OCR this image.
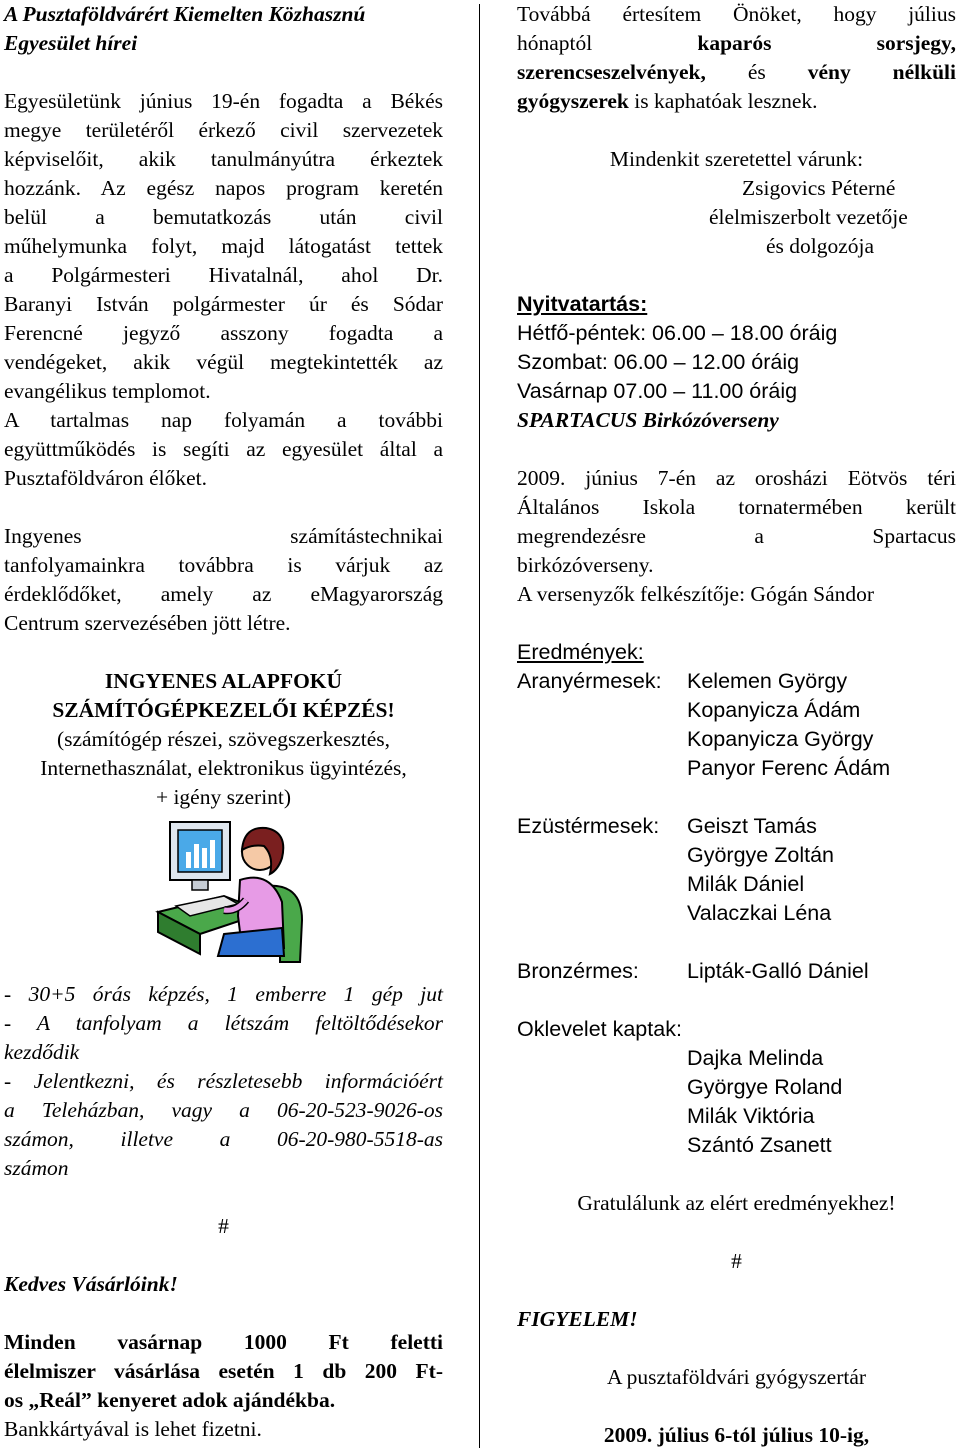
A Pusztaföldvárért Kiemelten Közhasznú

Egyesület hírei

Egyesületünk június 19-én fogadta a Békés

megye területéről érkező civil szervezetek

képviselőit, akik tanulmányútra érkeztek

hozzánk. Az egész napos program keretén

belül a bemutatkozás után civil

műhelymunka folyt, majd látogatást tettek

a Polgármesteri Hivatalnál, ahol Dr.

Baranyi István polgármester úr és Sódar

Ferencné jegyző asszony fogadta a

vendégeket, akik végül megtekintették az

evangélikus templomot.

A tartalmas nap folyamán a további

együttműködés is segíti az egyesület által a

Pusztaföldváron élőket.

Ingyenes számítástechnikai

tanfolyamainkra továbbra is várjuk az

érdeklődőket, amely az eMagyarország

Centrum szervezésében jött létre.

INGYENES ALAPFOKÚ

SZÁMÍTÓGÉPKEZELŐI KÉPZÉS!

(számítógép részei, szövegszerkesztés,

Internethasználat, elektronikus ügyintézés,

+ igény szerint)

- 30+5 órás képzés, 1 emberre 1 gép jut

- A tanfolyam a létszám feltöltődésekor

kezdődik

- Jelentkezni, és részletesebb információért

a Teleházban, vagy a 06-20-523-9026-os

számon, illetve a 06-20-980-5518-as

számon

#

Kedves Vásárlóink!

Minden vasárnap 1000 Ft feletti

élelmiszer vásárlása esetén 1 db 200 Ft-

os „Reál” kenyeret adok ajándékba.

Bankkártyával is lehet fizetni.

Továbbá értesítem Önöket, hogy július

hónaptól	kaparós	sorsjegy,

szerencseszelvények, és vény nélküli

gyógyszerek is kaphatóak lesznek.

Mindenkit szeretettel várunk:

Zsigovics Péterné

élelmiszerbolt vezetője

és dolgozója

Nyitvatartás:

Hétfő-péntek: 06.00 – 18.00 óráig

Szombat: 06.00 – 12.00 óráig

Vasárnap 07.00 – 11.00 óráig

SPARTACUS Birkózóverseny

2009. június 7-én az orosházi Eötvös téri

Általános Iskola tornatermében került

megrendezésre a Spartacus

birkózóverseny.

A versenyzők felkészítője: Gógán Sándor

Eredmények:

Aranyérmesek:	Kelemen György

Kopanyicza Ádám

Kopanyicza György

Panyor Ferenc Ádám

Ezüstérmesek:	Geiszt Tamás

Györgye Zoltán

Milák Dániel

Valaczkai Léna

Bronzérmes:	Lipták-Galló Dániel

Oklevelet kaptak:

Dajka Melinda

Györgye Roland

Milák Viktória

Szántó Zsanett

Gratulálunk az elért eredményekhez!

#

FIGYELEM!

A pusztaföldvári gyógyszertár

2009. július 6-tól július 10-ig,
